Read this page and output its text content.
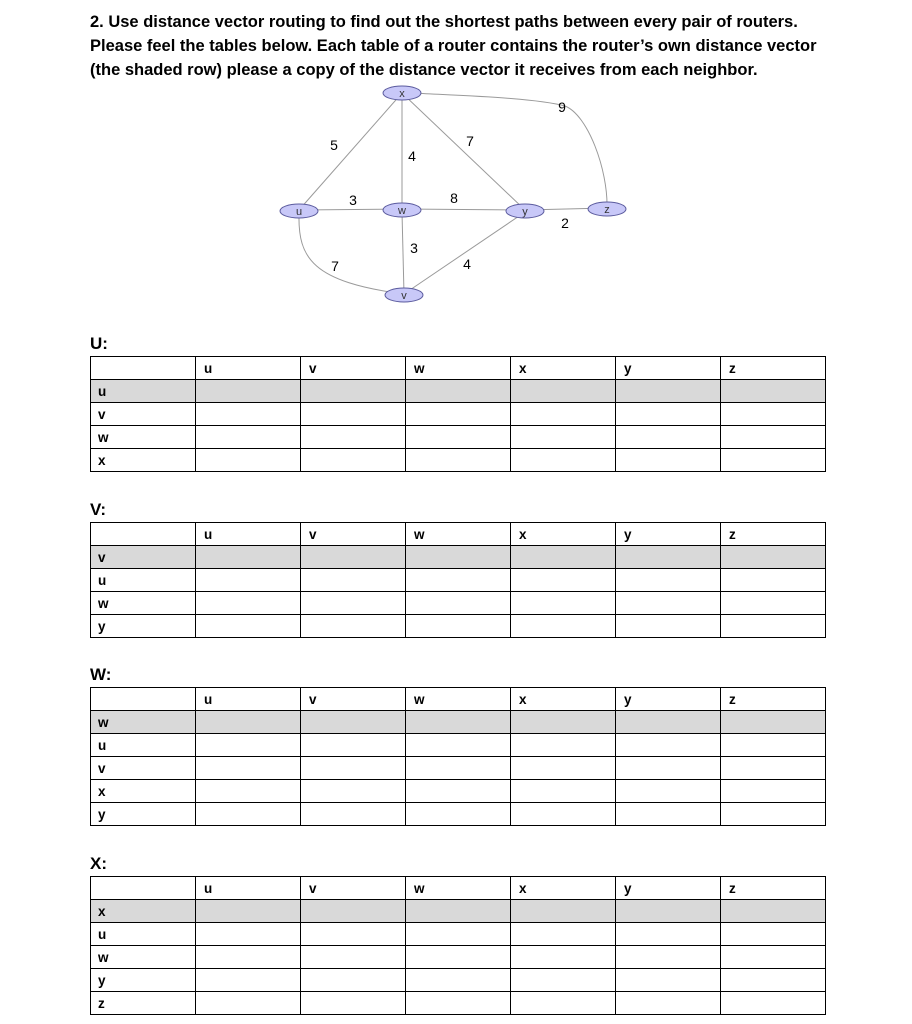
2. Use distance vector routing to find out the shortest paths between every pair of routers.

Please feel the tables below. Each table of a router contains the router’s own distance vector

(the shaded row) please a copy of the distance vector it receives from each neighbor.

5
4
7
9
3	8
2
7
3
4
x
u	w	y	z
v
U:
	u	v	w	x	y	z
u						
v						
w						
x						
V:
	u	v	w	x	y	z
v						
u						
w						
y						
W:
	u	v	w	x	y	z
w						
u						
v						
x						
y						
X:
	u	v	w	x	y	z
x						
u						
w						
y						
z						
